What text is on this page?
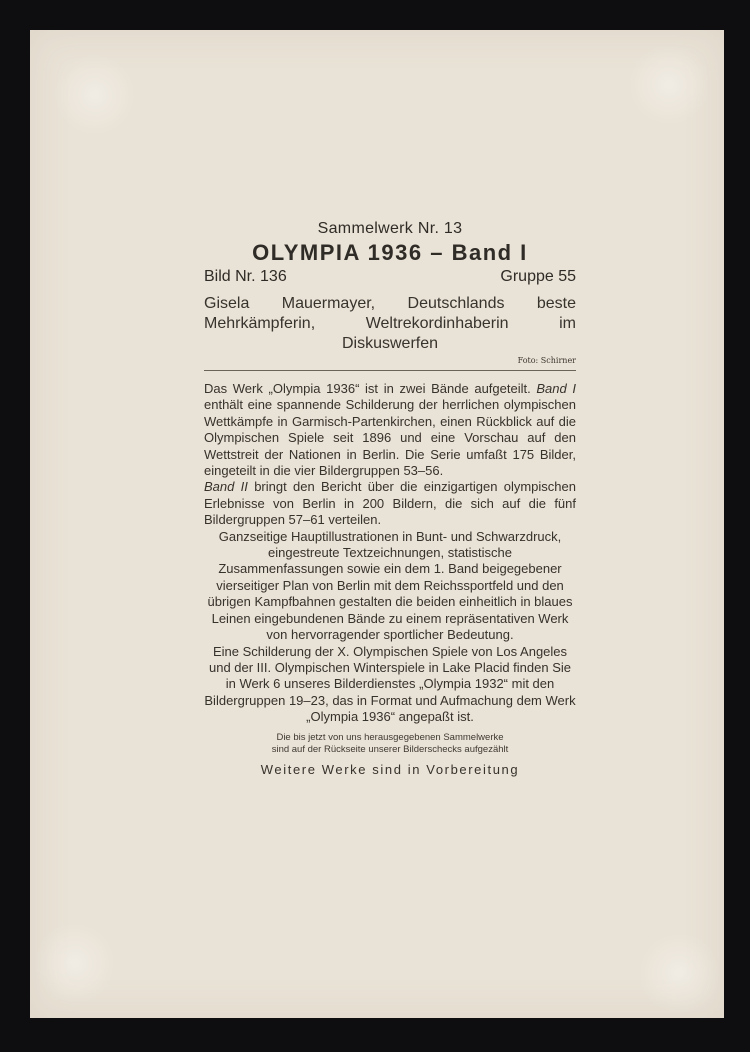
Sammelwerk Nr. 13
OLYMPIA 1936 – Band I
Bild Nr. 136	Gruppe 55
Gisela Mauermayer, Deutschlands beste Mehrkämpferin, Weltrekordinhaberin im Diskuswerfen
Foto: Schirner

Das Werk „Olympia 1936“ ist in zwei Bände aufgeteilt. Band I enthält eine spannende Schilderung der herrlichen olympischen Wettkämpfe in Garmisch-Partenkirchen, einen Rückblick auf die Olympischen Spiele seit 1896 und eine Vorschau auf den Wettstreit der Nationen in Berlin. Die Serie umfaßt 175 Bilder, eingeteilt in die vier Bildergruppen 53–56.

Band II bringt den Bericht über die einzigartigen olympischen Erlebnisse von Berlin in 200 Bildern, die sich auf die fünf Bildergruppen 57–61 verteilen.

Ganzseitige Hauptillustrationen in Bunt- und Schwarzdruck, eingestreute Textzeichnungen, statistische Zusammenfassungen sowie ein dem 1. Band beigegebener vierseitiger Plan von Berlin mit dem Reichssportfeld und den übrigen Kampfbahnen gestalten die beiden einheitlich in blaues Leinen eingebundenen Bände zu einem repräsentativen Werk von hervorragender sportlicher Bedeutung.

Eine Schilderung der X. Olympischen Spiele von Los Angeles und der III. Olympischen Winterspiele in Lake Placid finden Sie in Werk 6 unseres Bilderdienstes „Olympia 1932“ mit den Bildergruppen 19–23, das in Format und Aufmachung dem Werk „Olympia 1936“ angepaßt ist.

Die bis jetzt von uns herausgegebenen Sammelwerke
sind auf der Rückseite unserer Bilderschecks aufgezählt
Weitere Werke sind in Vorbereitung
